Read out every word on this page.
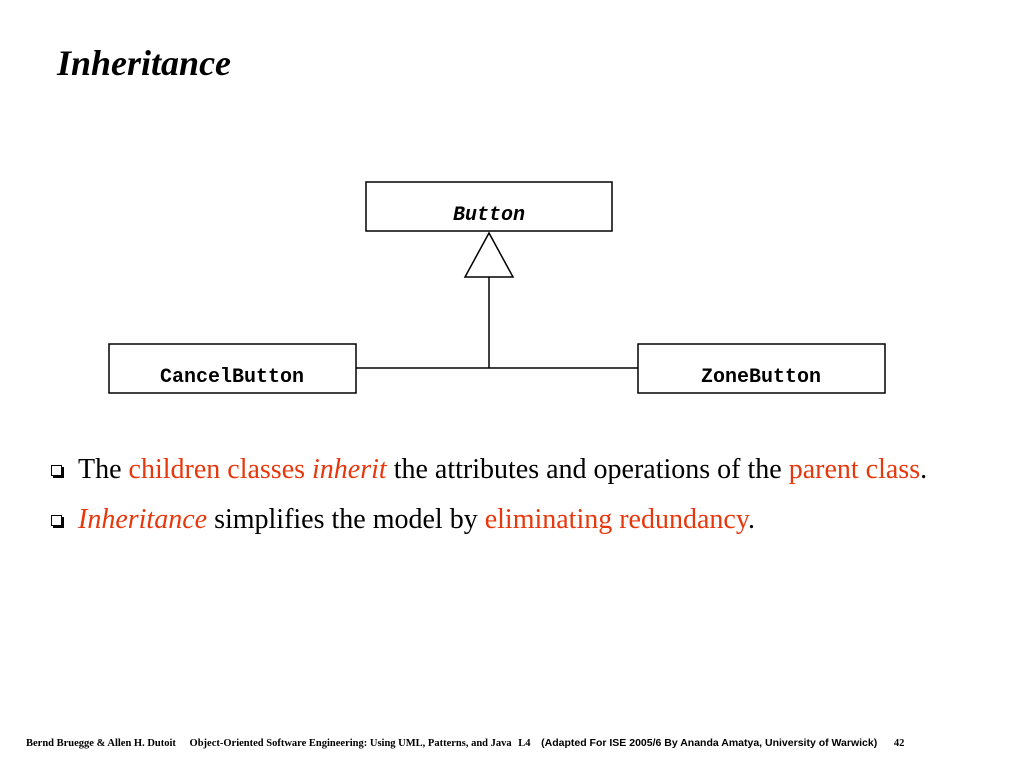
Inheritance
Button
CancelButton	ZoneButton
The children classes inherit the attributes and operations of the parent class.
Inheritance simplifies the model by eliminating redundancy.
Bernd Bruegge & Allen H. Dutoit Object-Oriented Software Engineering: Using UML, Patterns, and Java L4 (Adapted For ISE 2005/6 By Ananda Amatya, University of Warwick) 42
